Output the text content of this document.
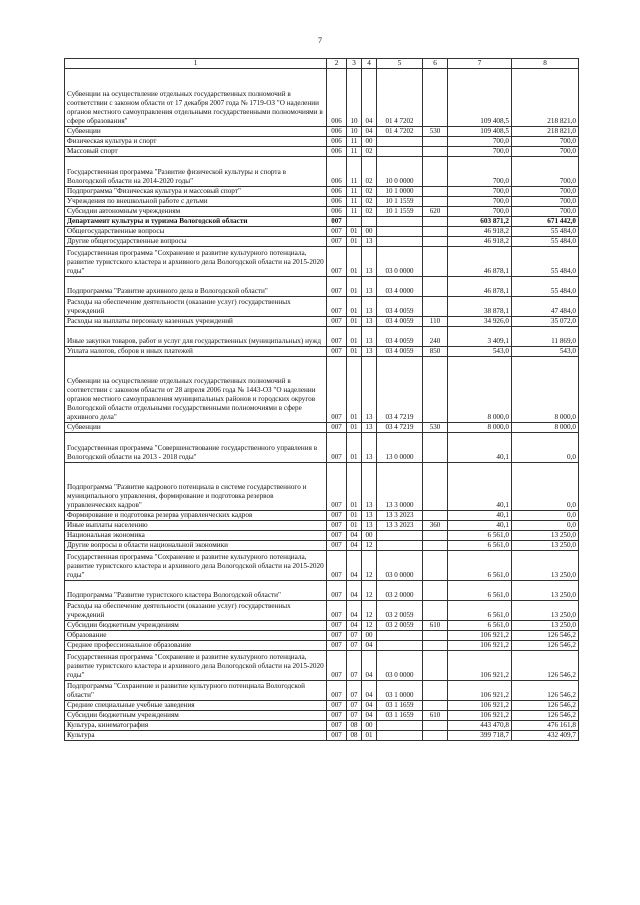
7
1	2	3	4	5	6	7	8
Субвенции на осуществление отдельных государственных полномочий в соответствии с законом области от 17 декабря 2007 года № 1719-ОЗ "О наделении органов местного самоуправления отдельными государственными полномочиями в сфере образования"	006	10	04	01 4 7202		109 408,5	218 821,0
Субвенции	006	10	04	01 4 7202	530	109 408,5	218 821,0
Физическая культура и спорт	006	11	00			700,0	700,0
Массовый спорт	006	11	02			700,0	700,0
Государственная программа "Развитие физической культуры и спорта в Вологодской области на 2014-2020 годы"	006	11	02	10 0 0000		700,0	700,0
Подпрограмма "Физическая культура и массовый спорт"	006	11	02	10 1 0000		700,0	700,0
Учреждения по внешкольной работе с детьми	006	11	02	10 1 1559		700,0	700,0
Субсидии автономным учреждениям	006	11	02	10 1 1559	620	700,0	700,0
Департамент культуры и туризма Вологодской области	007					603 871,2	671 442,0
Общегосударственные вопросы	007	01	00			46 918,2	55 484,0
Другие общегосударственные вопросы	007	01	13			46 918,2	55 484,0
Государственная программа "Сохранение и развитие культурного потенциала, развитие туристского кластера и архивного дела Вологодской области на 2015-2020 годы"	007	01	13	03 0 0000		46 878,1	55 484,0
Подпрограмма "Развитие архивного дела в Вологодской области"	007	01	13	03 4 0000		46 878,1	55 484,0
Расходы на обеспечение деятельности (оказание услуг) государственных учреждений	007	01	13	03 4 0059		38 878,1	47 484,0
Расходы на выплаты персоналу казенных учреждений	007	01	13	03 4 0059	110	34 926,0	35 072,0
Иные закупки товаров, работ и услуг для государственных (муниципальных) нужд	007	01	13	03 4 0059	240	3 409,1	11 869,0
Уплата налогов, сборов и иных платежей	007	01	13	03 4 0059	850	543,0	543,0
Субвенции на осуществление отдельных государственных полномочий в соответствии с законом области от 28 апреля 2006 года № 1443-ОЗ "О наделении органов местного самоуправления муниципальных районов и городских округов Вологодской области отдельными государственными полномочиями в сфере архивного дела"	007	01	13	03 4 7219		8 000,0	8 000,0
Субвенции	007	01	13	03 4 7219	530	8 000,0	8 000,0
Государственная программа "Совершенствование государственного управления в Вологодской области на 2013 - 2018 годы"	007	01	13	13 0 0000		40,1	0,0
Подпрограмма "Развитие кадрового потенциала в системе государственного и муниципального управления, формирование и подготовка резервов управленческих кадров"	007	01	13	13 3 0000		40,1	0,0
Формирование и подготовка резерва управленческих кадров	007	01	13	13 3 2023		40,1	0,0
Иные выплаты населению	007	01	13	13 3 2023	360	40,1	0,0
Национальная экономика	007	04	00			6 561,0	13 250,0
Другие вопросы в области национальной экономики	007	04	12			6 561,0	13 250,0
Государственная программа "Сохранение и развитие культурного потенциала, развитие туристского кластера и архивного дела Вологодской области на 2015-2020 годы"	007	04	12	03 0 0000		6 561,0	13 250,0
Подпрограмма "Развитие туристского кластера Вологодской области"	007	04	12	03 2 0000		6 561,0	13 250,0
Расходы на обеспечение деятельности (оказание услуг) государственных учреждений	007	04	12	03 2 0059		6 561,0	13 250,0
Субсидии бюджетным учреждениям	007	04	12	03 2 0059	610	6 561,0	13 250,0
Образование	007	07	00			106 921,2	126 546,2
Среднее профессиональное образование	007	07	04			106 921,2	126 546,2
Государственная программа "Сохранение и развитие культурного потенциала, развитие туристского кластера и архивного дела Вологодской области на 2015-2020 годы"	007	07	04	03 0 0000		106 921,2	126 546,2
Подпрограмма "Сохранение и развитие культурного потенциала Вологодской области"	007	07	04	03 1 0000		106 921,2	126 546,2
Средние специальные учебные заведения	007	07	04	03 1 1659		106 921,2	126 546,2
Субсидии бюджетным учреждениям	007	07	04	03 1 1659	610	106 921,2	126 546,2
Культура, кинематография	007	08	00			443 470,8	476 161,8
Культура	007	08	01			399 718,7	432 409,7
